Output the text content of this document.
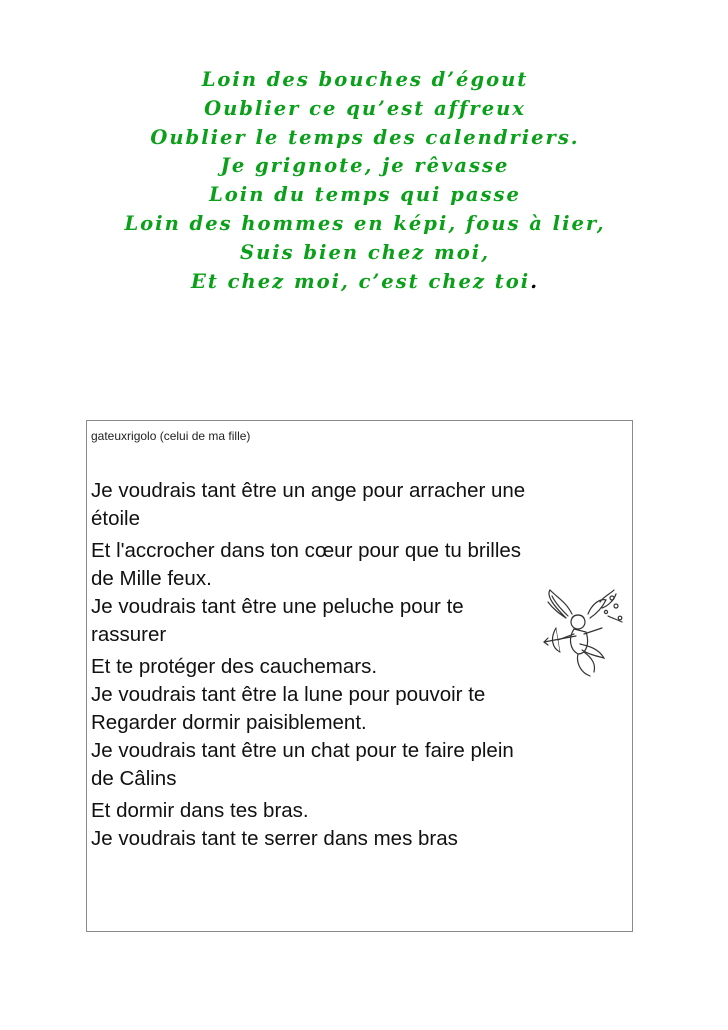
Loin des bouches d’égout
Oublier ce qu’est affreux
Oublier le temps des calendriers.
Je grignote, je rêvasse
Loin du temps qui passe
Loin des hommes en képi, fous à lier,
Suis bien chez moi,
Et chez moi, c’est chez toi.
gateuxrigolo (celui de ma fille)
Je voudrais tant être un ange pour arracher une
étoile
Et l'accrocher dans ton cœur pour que tu brilles
de Mille feux.
Je voudrais tant être une peluche pour te
rassurer
Et te protéger des cauchemars.
Je voudrais tant être la lune pour pouvoir te
Regarder dormir paisiblement.
Je voudrais tant être un chat pour te faire plein
de Câlins
Et dormir dans tes bras.
Je voudrais tant te serrer dans mes bras
